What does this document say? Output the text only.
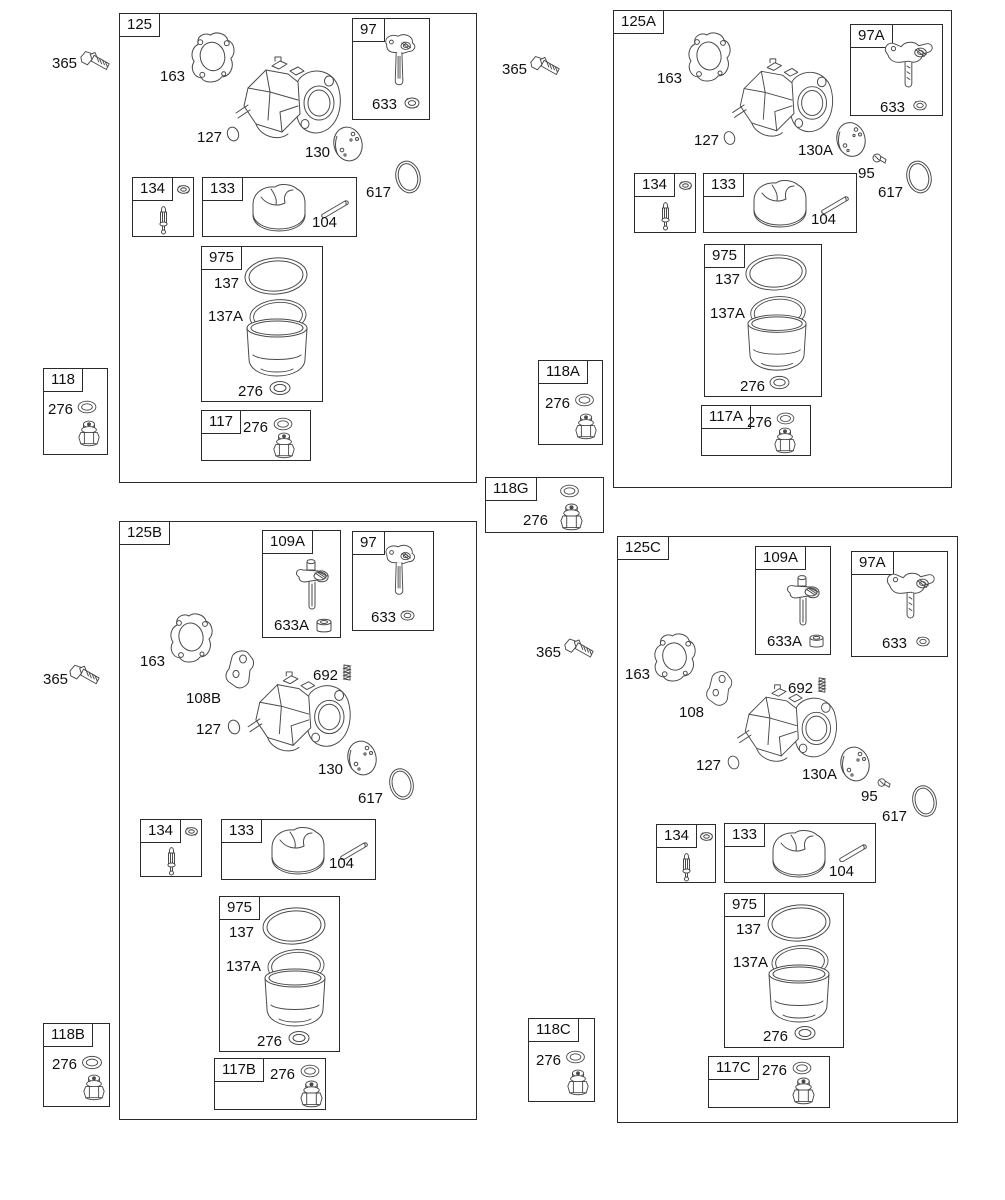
365
125
163
97
633
127
130
617
134	133
104
975
137
137A
276
117 276
118
276
365
125A
163
97A
633
127
130A
95
617
134	133
104
975
137
137A
276
117A 276
118A
276
118G
276
365
125B
109A
633A
97
633
163
108B
692
127
130
617
134	133
104
975
137
137A
276
117B 276
118B
276
365
125C
109A
633A
97A
633
163
108
692
127
130A
95
617
134	133
104
975
137
137A
276
117C 276
118C
276
